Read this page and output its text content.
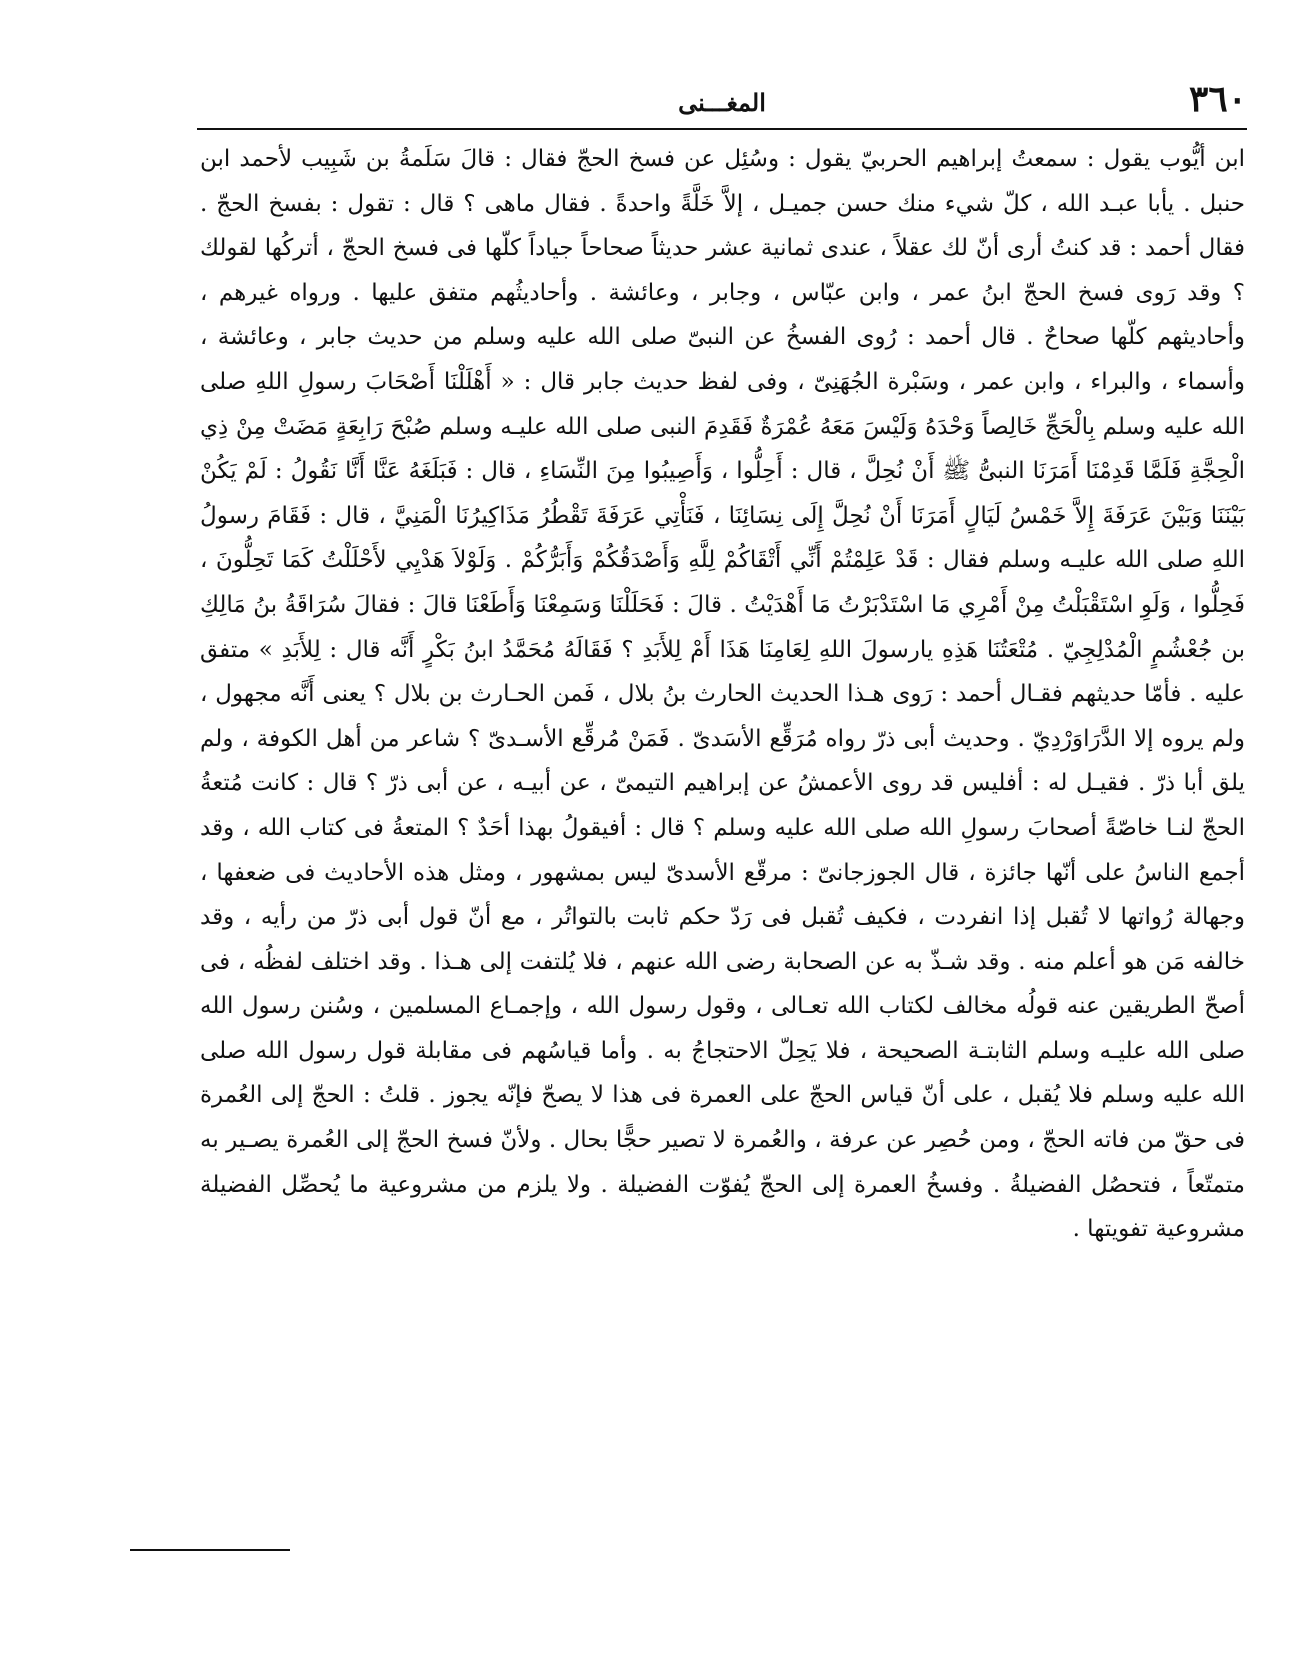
٣٦٠
المغـــنى

ابن أيُّوب يقول : سمعتُ إبراهيم الحربيّ يقول : وسُئِل عن فسخ الحجّ فقال : قالَ سَلَمةُ بن شَبِيب لأحمد ابن حنبل . يأبا عبـد الله ، كلّ شيء منك حسن جميـل ، إلاَّ خَلَّةً واحدةً . فقال ماهى ؟ قال : تقول : بفسخ الحجّ . فقال أحمد : قد كنتُ أرى أنّ لك عقلاً ، عندى ثمانية عشر حديثاً صحاحاً جياداً كلّها فى فسخ الحجّ ، أتركُها لقولك ؟ وقد رَوى فسخ الحجّ ابنُ عمر ، وابن عبّاس ، وجابر ، وعائشة . وأحاديثُهم متفق عليها . ورواه غيرهم ، وأحاديثهم كلّها صحاحٌ . قال أحمد : رُوى الفسخُ عن النبىّ صلى الله عليه وسلم من حديث جابر ، وعائشة ، وأسماء ، والبراء ، وابن عمر ، وسَبْرة الجُهَنِىّ ، وفى لفظ حديث جابر قال : « أَهْلَلْنَا أَصْحَابَ رسولِ اللهِ صلى الله عليه وسلم بِالْحَجِّ خَالِصاً وَحْدَهُ وَلَيْسَ مَعَهُ عُمْرَةٌ فَقَدِمَ النبى صلى الله عليـه وسلم صُبْحَ رَابِعَةٍ مَضَتْ مِنْ ذِي الْحِجَّةِ فَلَمَّا قَدِمْنَا أَمَرَنَا النبىُّ ﷺ أَنْ نُحِلَّ ، قال : أَحِلُّوا ، وَأَصِيبُوا مِنَ النِّسَاءِ ، قال : فَبَلَغَهُ عَنَّا أَنَّا نَقُولُ : لَمْ يَكُنْ بَيْنَنَا وَبَيْنَ عَرَفَةَ إِلاَّ خَمْسُ لَيَالٍ أَمَرَنَا أَنْ نُحِلَّ إِلَى نِسَائِنَا ، فَنَأْتِي عَرَفَةَ تَقْطُرُ مَذَاكِيرُنَا الْمَنِيَّ ، قال : فَقَامَ رسولُ اللهِ صلى الله عليـه وسلم فقال : قَدْ عَلِمْتُمْ أَنِّي أَتْقَاكُمْ لِلَّهِ وَأَصْدَقُكُمْ وَأَبَرُّكُمْ . وَلَوْلاَ هَدْيِي لأَحْلَلْتُ كَمَا تَحِلُّونَ ، فَحِلُّوا ، وَلَوِ اسْتَقْبَلْتُ مِنْ أَمْرِي مَا اسْتَدْبَرْتُ مَا أَهْدَيْتُ . قالَ : فَحَلَلْنَا وَسَمِعْنَا وَأَطَعْنَا قالَ : فقالَ سُرَاقَةُ بنُ مَالِكِ بن جُعْشُمٍ الْمُدْلِجِيّ . مُتْعَتُنَا هَذِهِ يارسولَ اللهِ لِعَامِنَا هَذَا أَمْ لِلأَبَدِ ؟ فَقَالَهُ مُحَمَّدُ ابنُ بَكْرٍ أَنَّه قال : لِلأَبَدِ » متفق عليه . فأمّا حديثهم فقـال أحمد : رَوى هـذا الحديث الحارث بنُ بلال ، فَمن الحـارث بن بلال ؟ يعنى أَنَّه مجهول ، ولم يروه إلا الدَّرَاوَرْدِيّ . وحديث أبى ذرّ رواه مُرَقِّع الأسَدىّ . فَمَنْ مُرقِّع الأسـدىّ ؟ شاعر من أهل الكوفة ، ولم يلق أبا ذرّ . فقيـل له : أفليس قد روى الأعمشُ عن إبراهيم التيمىّ ، عن أبيـه ، عن أبى ذرّ ؟ قال : كانت مُتعةُ الحجّ لنـا خاصّةً أصحابَ رسولِ الله صلى الله عليه وسلم ؟ قال : أفيقولُ بهذا أحَدٌ ؟ المتعةُ فى كتاب الله ، وقد أجمع الناسُ على أنّها جائزة ، قال الجوزجانىّ : مرقّع الأسدىّ ليس بمشهور ، ومثل هذه الأحاديث فى ضعفها ، وجهالة رُواتها لا تُقبل إذا انفردت ، فكيف تُقبل فى رَدّ حكم ثابت بالتواتُر ، مع أنّ قول أبى ذرّ من رأيه ، وقد خالفه مَن هو أعلم منه . وقد شـذّ به عن الصحابة رضى الله عنهم ، فلا يُلتفت إلى هـذا . وقد اختلف لفظُه ، فى أصحّ الطريقين عنه قولُه مخالف لكتاب الله تعـالى ، وقول رسول الله ، وإجمـاع المسلمين ، وسُنن رسول الله صلى الله عليـه وسلم الثابتـة الصحيحة ، فلا يَحِلّ الاحتجاجُ به . وأما قياسُهم فى مقابلة قول رسول الله صلى الله عليه وسلم فلا يُقبل ، على أنّ قياس الحجّ على العمرة فى هذا لا يصحّ فإنّه يجوز . قلتُ : الحجّ إلى العُمرة فى حقّ من فاته الحجّ ، ومن حُصِر عن عرفة ، والعُمرة لا تصير حجًّا بحال . ولأنّ فسخ الحجّ إلى العُمرة يصـير به متمتّعاً ، فتحصُل الفضيلةُ . وفسخُ العمرة إلى الحجّ يُفوّت الفضيلة . ولا يلزم من مشروعية ما يُحصِّل الفضيلة مشروعية تفويتها .
